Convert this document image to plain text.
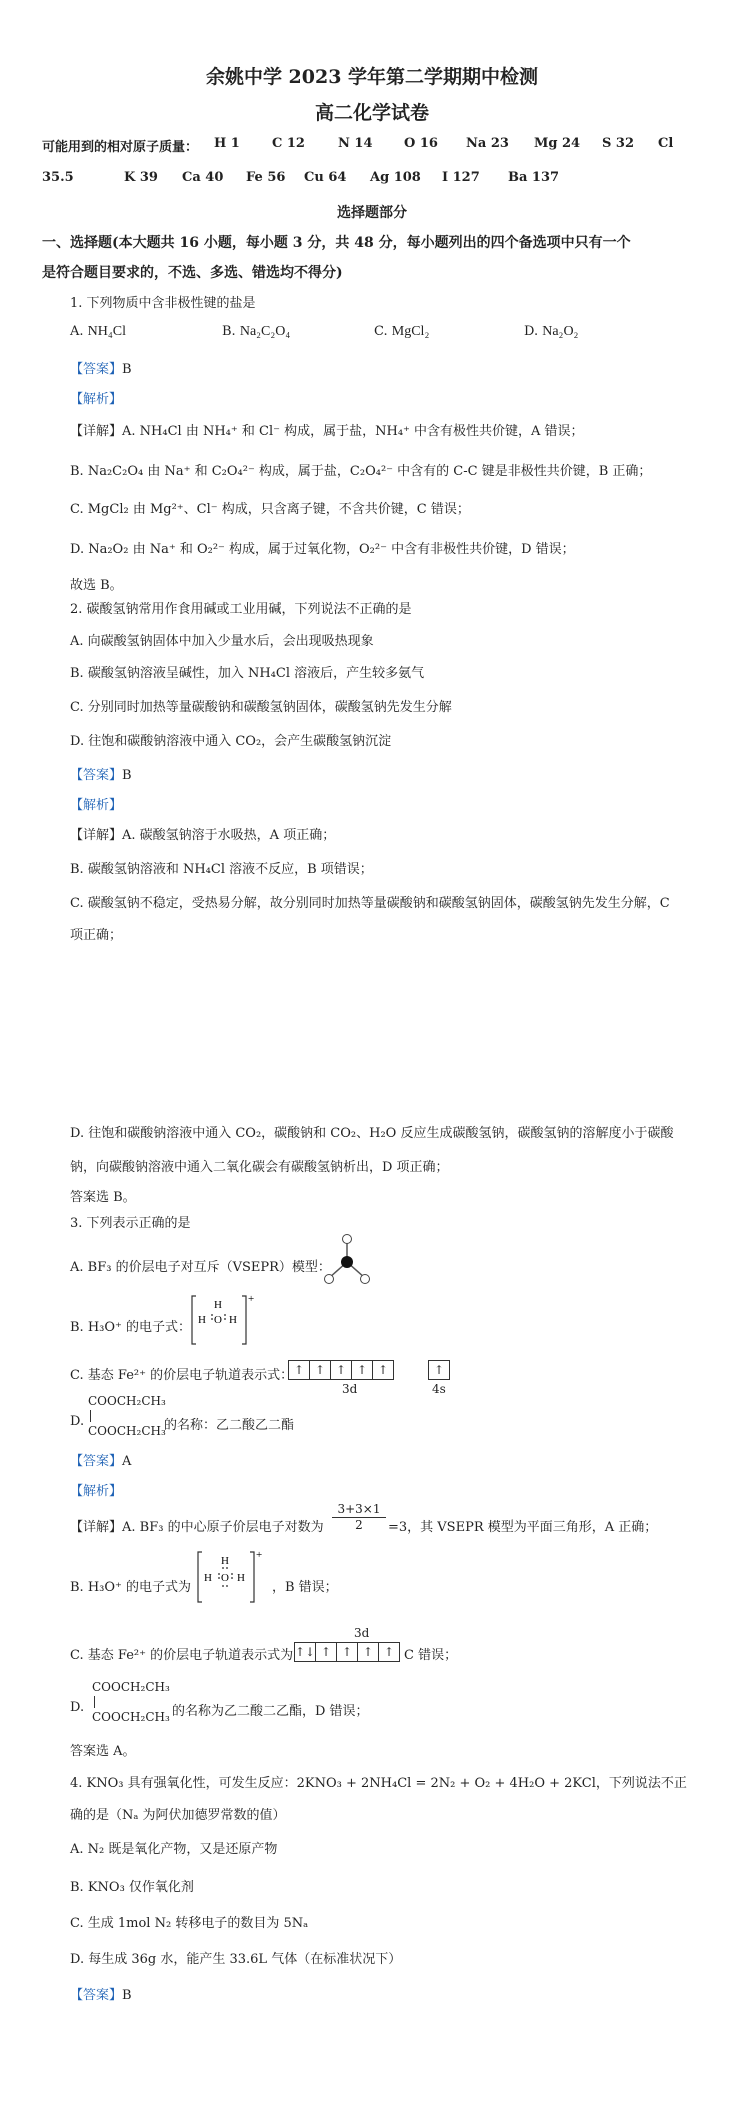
余姚中学 2023 学年第二学期期中检测
高二化学试卷
可能用到的相对原子质量： H 1 C 12	N 14 O 16 Na 23 Mg 24 S 32 Cl
35.5	K 39 Ca 40 Fe 56 Cu 64 Ag 108 I 127 Ba 137
选择题部分
一、选择题(本大题共 16 小题，每小题 3 分，共 48 分，每小题列出的四个备选项中只有一个
是符合题目要求的，不选、多选、错选均不得分)
1. 下列物质中含非极性键的盐是
A. NH₄Cl	B. Na₂C₂O₄	C. MgCl₂	D. Na₂O₂
【答案】B
【解析】
【详解】A. NH₄Cl 由 NH₄⁺ 和 Cl⁻ 构成，属于盐，NH₄⁺ 中含有极性共价键，A 错误；
B. Na₂C₂O₄ 由 Na⁺ 和 C₂O₄²⁻ 构成，属于盐，C₂O₄²⁻ 中含有的 C-C 键是非极性共价键，B 正确；
C. MgCl₂ 由 Mg²⁺、Cl⁻ 构成，只含离子键，不含共价键，C 错误；
D. Na₂O₂ 由 Na⁺ 和 O₂²⁻ 构成，属于过氧化物，O₂²⁻ 中含有非极性共价键，D 错误；
故选 B。
2. 碳酸氢钠常用作食用碱或工业用碱，下列说法不正确的是
A. 向碳酸氢钠固体中加入少量水后，会出现吸热现象
B. 碳酸氢钠溶液呈碱性，加入 NH₄Cl 溶液后，产生较多氨气
C. 分别同时加热等量碳酸钠和碳酸氢钠固体，碳酸氢钠先发生分解
D. 往饱和碳酸钠溶液中通入 CO₂，会产生碳酸氢钠沉淀
【答案】B
【解析】
【详解】A. 碳酸氢钠溶于水吸热，A 项正确；
B. 碳酸氢钠溶液和 NH₄Cl 溶液不反应，B 项错误；
C. 碳酸氢钠不稳定，受热易分解，故分别同时加热等量碳酸钠和碳酸氢钠固体，碳酸氢钠先发生分解，C
项正确；
D. 往饱和碳酸钠溶液中通入 CO₂，碳酸钠和 CO₂、H₂O 反应生成碳酸氢钠，碳酸氢钠的溶解度小于碳酸
钠，向碳酸钠溶液中通入二氧化碳会有碳酸氢钠析出，D 项正确；
答案选 B。
3. 下列表示正确的是
A. BF₃ 的价层电子对互斥（VSEPR）模型：
B. H₃O⁺ 的电子式：
H
H O H
+
C. 基态 Fe²⁺ 的价层电子轨道表示式： ↑ ↑ ↑ ↑ ↑	↑
3d	4s
D.
COOCH₂CH₃
COOCH₂CH₃
的名称：乙二酸乙二酯
【答案】A
【解析】
【详解】A. BF₃ 的中心原子价层电子对数为 $\frac{3+3\times 1}{2} =3$，其 VSEPR 模型为平面三角形，A 正确；
B. H₃O⁺ 的电子式为
H
H O H
+
，B 错误；
3d
C. 基态 Fe²⁺ 的价层电子轨道表示式为 ↑↓ ↑ ↑ ↑ ↑ C 错误；
D.
COOCH₂CH₃
COOCH₂CH₃ 的名称为乙二酸二乙酯，D 错误；
答案选 A。
4. KNO₃ 具有强氧化性，可发生反应：2KNO₃ + 2NH₄Cl = 2N₂ + O₂ + 4H₂O + 2KCl，下列说法不正
确的是（Nₐ 为阿伏加德罗常数的值）
A. N₂ 既是氧化产物，又是还原产物
B. KNO₃ 仅作氧化剂
C. 生成 1mol N₂ 转移电子的数目为 5Nₐ
D. 每生成 36g 水，能产生 33.6L 气体（在标准状况下）
【答案】B
